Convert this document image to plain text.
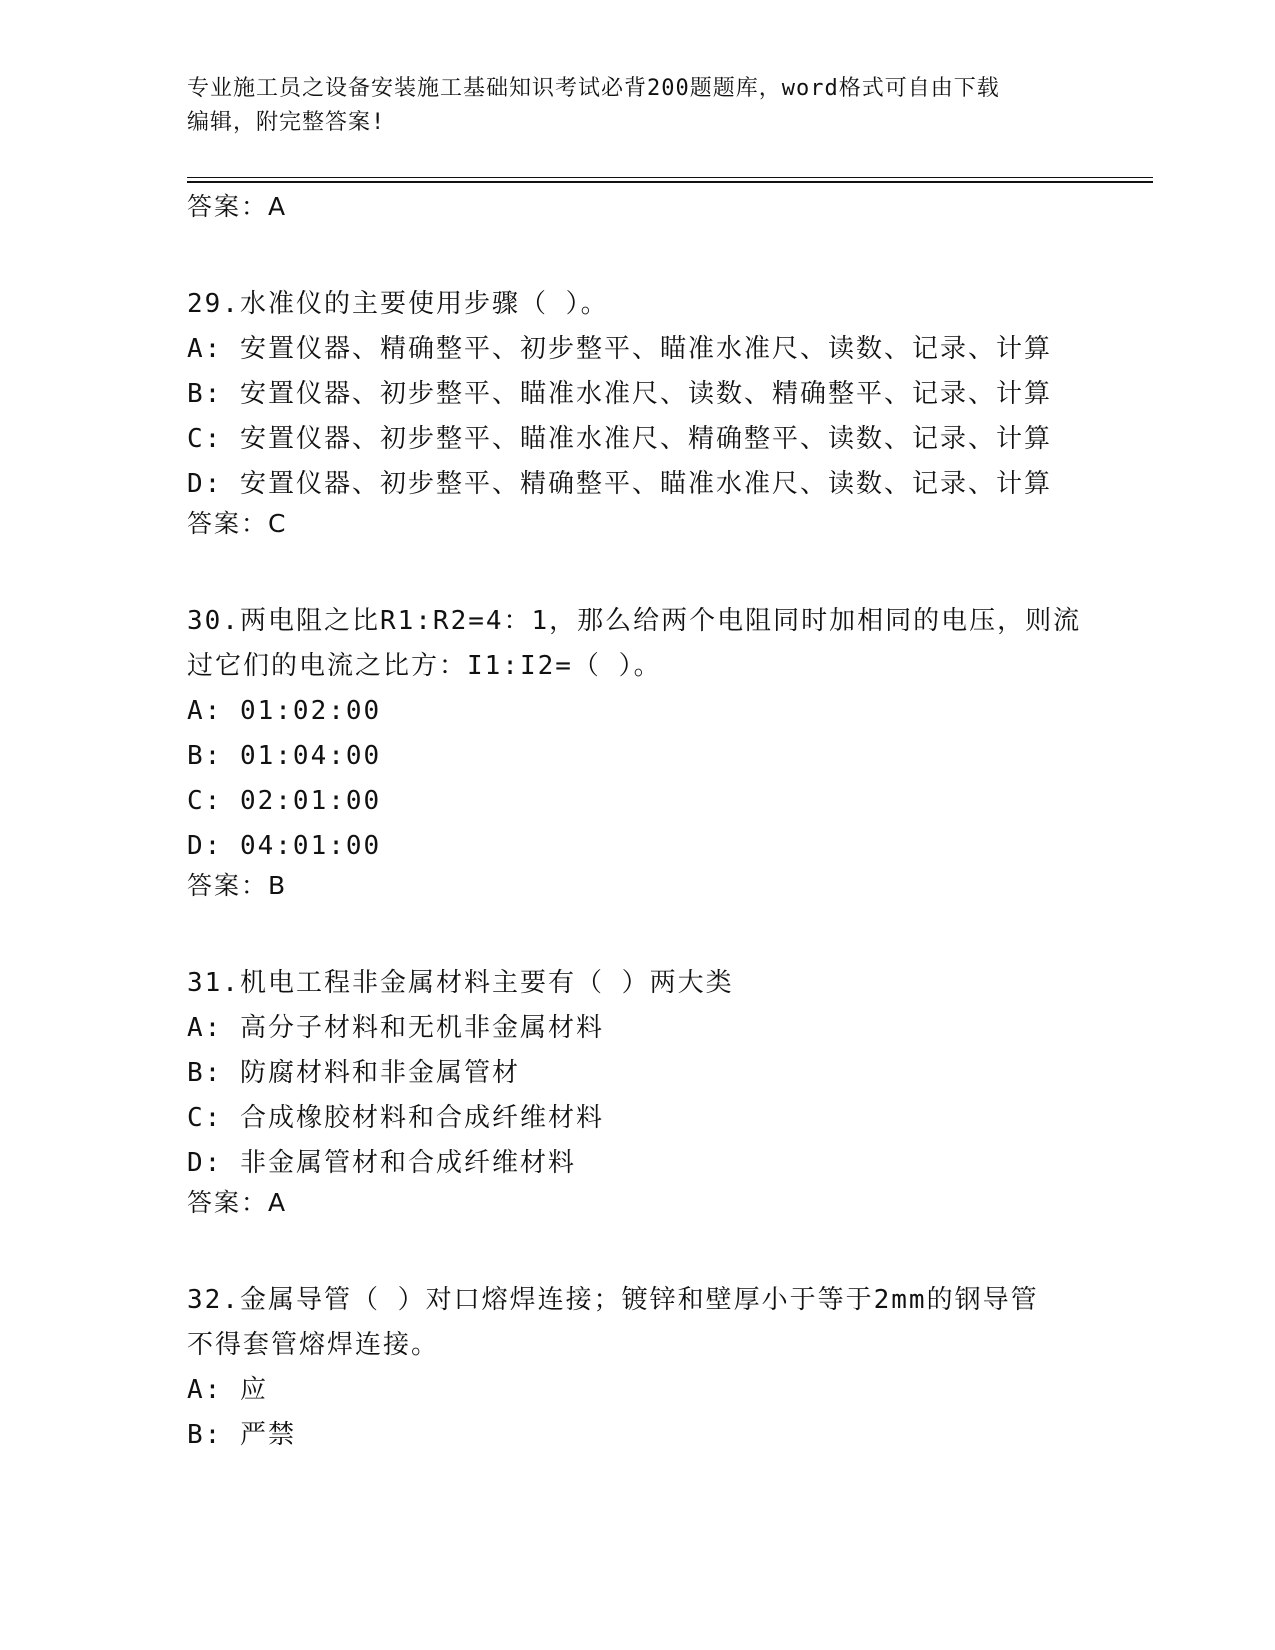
专业施工员之设备安装施工基础知识考试必背200题题库，word格式可自由下载
编辑，附完整答案!
答案：A
29.水准仪的主要使用步骤（ ）。
A: 安置仪器、精确整平、初步整平、瞄准水准尺、读数、记录、计算
B: 安置仪器、初步整平、瞄准水准尺、读数、精确整平、记录、计算
C: 安置仪器、初步整平、瞄准水准尺、精确整平、读数、记录、计算
D: 安置仪器、初步整平、精确整平、瞄准水准尺、读数、记录、计算
答案：C
30.两电阻之比R1:R2=4：1，那么给两个电阻同时加相同的电压，则流
过它们的电流之比方：I1:I2=（ ）。
A: 01:02:00
B: 01:04:00
C: 02:01:00
D: 04:01:00
答案：B
31.机电工程非金属材料主要有（ ）两大类
A: 高分子材料和无机非金属材料
B: 防腐材料和非金属管材
C: 合成橡胶材料和合成纤维材料
D: 非金属管材和合成纤维材料
答案：A
32.金属导管（ ）对口熔焊连接；镀锌和壁厚小于等于2mm的钢导管
不得套管熔焊连接。
A: 应
B: 严禁
